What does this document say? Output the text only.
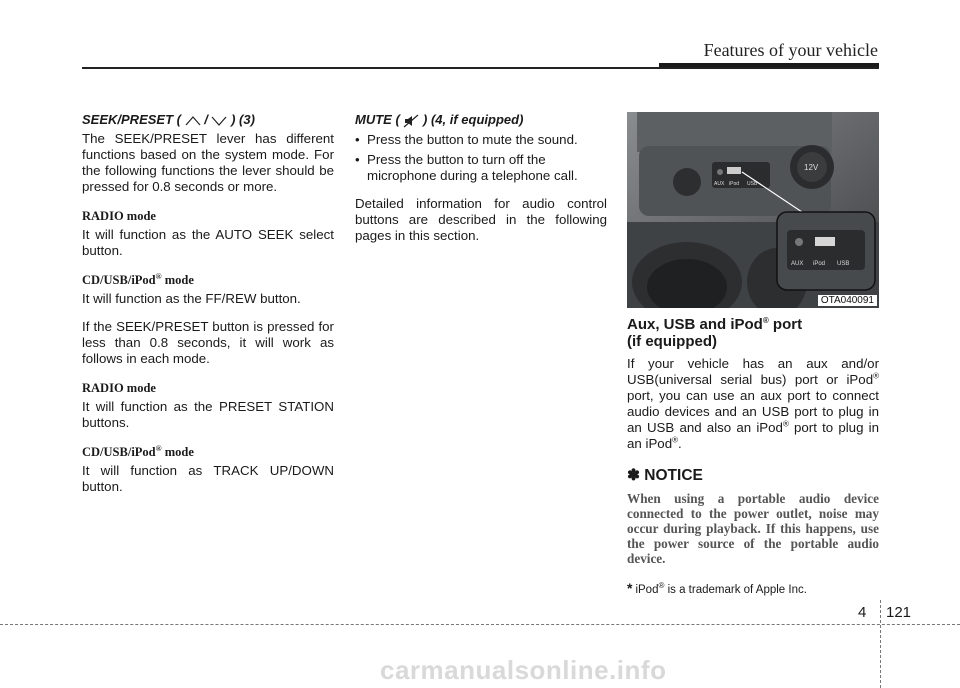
Features of your vehicle
SEEK/PRESET ( / ) (3)

The SEEK/PRESET lever has different functions based on the system mode. For the following functions the lever should be pressed for 0.8 seconds or more.

RADIO mode

It will function as the AUTO SEEK select button.

CD/USB/iPod® mode

It will function as the FF/REW button.

If the SEEK/PRESET button is pressed for less than 0.8 seconds, it will work as follows in each mode.

RADIO mode

It will function as the PRESET STATION buttons.

CD/USB/iPod® mode

It will function as TRACK UP/DOWN button.

MUTE ( ) (4, if equipped)
• Press the button to mute the sound.
• Press the button to turn off the microphone during a telephone call.

Detailed information for audio control buttons are described in the following pages in this section.

AUX iPod USB
12V
AUX iPod USB
OTA040091
Aux, USB and iPod® port
(if equipped)

If your vehicle has an aux and/or USB(universal serial bus) port or iPod® port, you can use an aux port to connect audio devices and an USB port to plug in an USB and also an iPod® port to plug in an iPod®.

✽ NOTICE

When using a portable audio device connected to the power outlet, noise may occur during playback. If this happens, use the power source of the portable audio device.

* iPod® is a trademark of Apple Inc.
4 121
carmanualsonline.info
